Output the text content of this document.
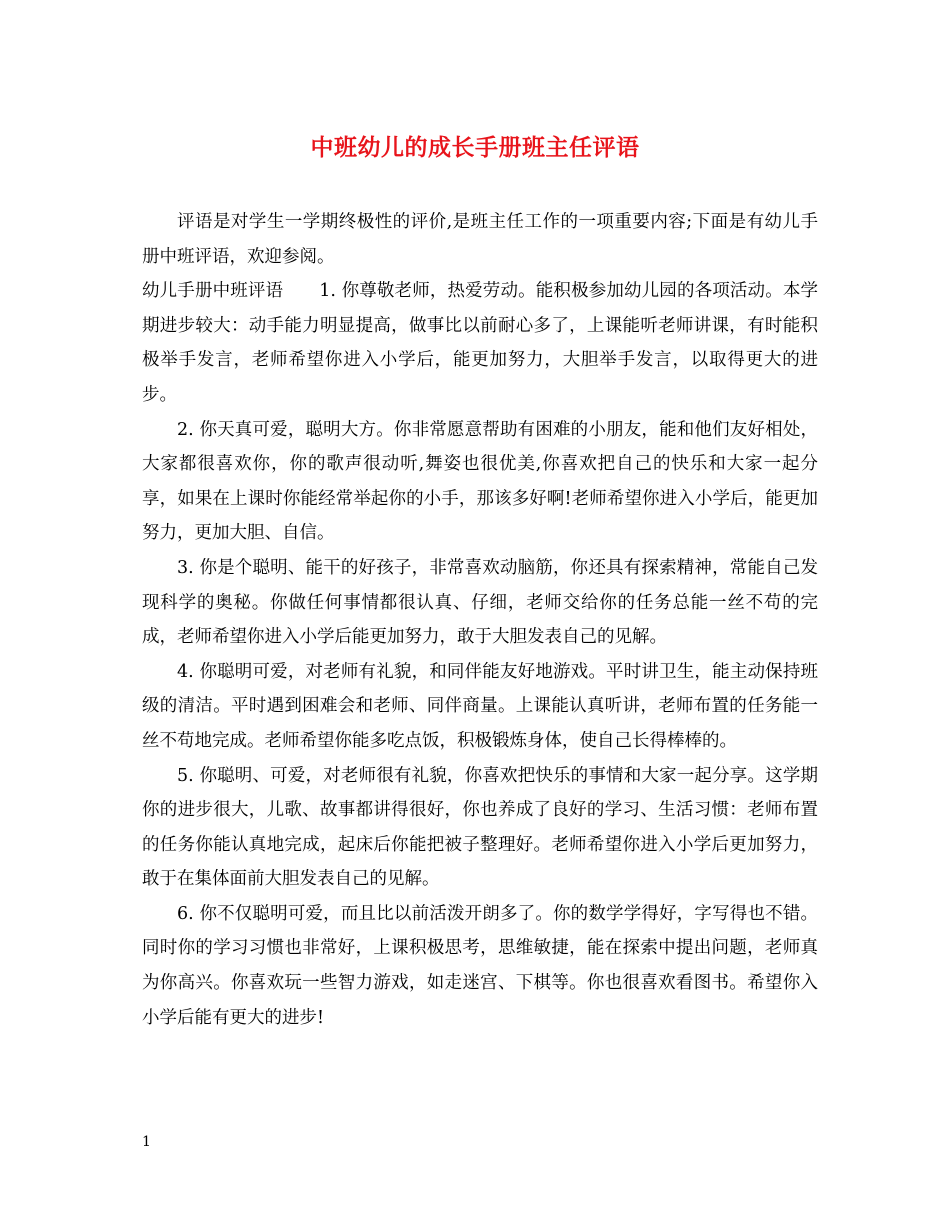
中班幼儿的成长手册班主任评语

评语是对学生一学期终极性的评价,是班主任工作的一项重要内容;下面是有幼儿手册中班评语，欢迎参阅。

幼儿手册中班评语 1. 你尊敬老师，热爱劳动。能积极参加幼儿园的各项活动。本学期进步较大：动手能力明显提高，做事比以前耐心多了，上课能听老师讲课，有时能积极举手发言，老师希望你进入小学后，能更加努力，大胆举手发言，以取得更大的进步。

2. 你天真可爱，聪明大方。你非常愿意帮助有困难的小朋友，能和他们友好相处，大家都很喜欢你，你的歌声很动听,舞姿也很优美,你喜欢把自己的快乐和大家一起分享，如果在上课时你能经常举起你的小手，那该多好啊!老师希望你进入小学后，能更加努力，更加大胆、自信。

3. 你是个聪明、能干的好孩子，非常喜欢动脑筋，你还具有探索精神，常能自己发现科学的奥秘。你做任何事情都很认真、仔细，老师交给你的任务总能一丝不苟的完成，老师希望你进入小学后能更加努力，敢于大胆发表自己的见解。

4. 你聪明可爱，对老师有礼貌，和同伴能友好地游戏。平时讲卫生，能主动保持班级的清洁。平时遇到困难会和老师、同伴商量。上课能认真听讲，老师布置的任务能一丝不苟地完成。老师希望你能多吃点饭，积极锻炼身体，使自己长得棒棒的。

5. 你聪明、可爱，对老师很有礼貌，你喜欢把快乐的事情和大家一起分享。这学期你的进步很大，儿歌、故事都讲得很好，你也养成了良好的学习、生活习惯：老师布置的任务你能认真地完成，起床后你能把被子整理好。老师希望你进入小学后更加努力，敢于在集体面前大胆发表自己的见解。

6. 你不仅聪明可爱，而且比以前活泼开朗多了。你的数学学得好，字写得也不错。同时你的学习习惯也非常好，上课积极思考，思维敏捷，能在探索中提出问题，老师真为你高兴。你喜欢玩一些智力游戏，如走迷宫、下棋等。你也很喜欢看图书。希望你入小学后能有更大的进步!

1
